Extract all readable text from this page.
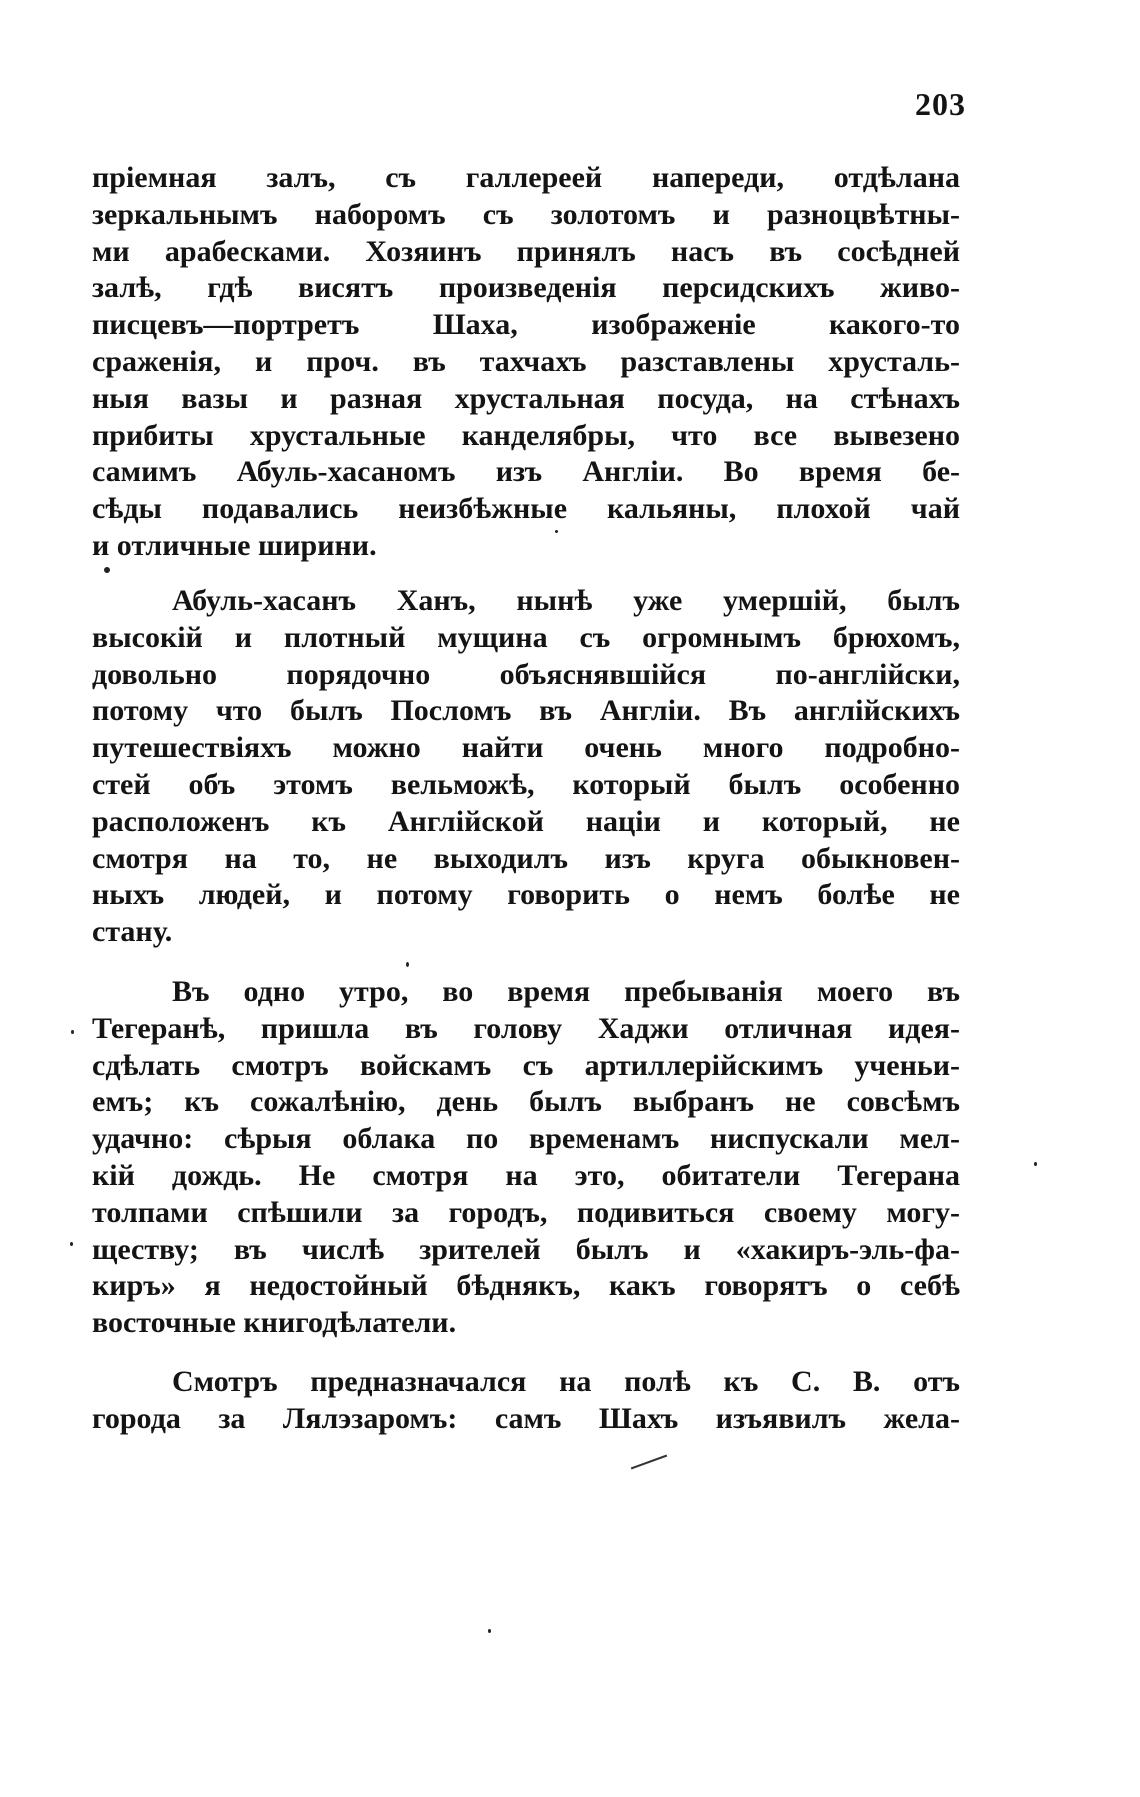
203
пріемная залъ, съ галлереей напереди, отдѣлана
зеркальнымъ наборомъ съ золотомъ и разноцвѣтны-
ми арабесками. Хозяинъ принялъ насъ въ сосѣдней
залѣ, гдѣ висятъ произведенія персидскихъ живо-
писцевъ—портретъ Шаха, изображеніе какого-то
сраженія, и проч. въ тахчахъ разставлены хрусталь-
ныя вазы и разная хрустальная посуда, на стѣнахъ
прибиты хрустальные канделябры, что все вывезено
самимъ Абуль-хасаномъ изъ Англіи. Во время бе-
сѣды подавались неизбѣжные кальяны, плохой чай
и отличные ширини.
Абуль-хасанъ Ханъ, нынѣ уже умершій, былъ
высокій и плотный мущина съ огромнымъ брюхомъ,
довольно порядочно объяснявшійся по-англійски,
потому что былъ Посломъ въ Англіи. Въ англійскихъ
путешествіяхъ можно найти очень много подробно-
стей объ этомъ вельможѣ, который былъ особенно
расположенъ къ Англійской націи и который, не
смотря на то, не выходилъ изъ круга обыкновен-
ныхъ людей, и потому говорить о немъ болѣе не
стану.
Въ одно утро, во время пребыванія моего въ
Тегеранѣ, пришла въ голову Хаджи отличная идея-
сдѣлать смотръ войскамъ съ артиллерійскимъ ученьи-
емъ; къ сожалѣнію, день былъ выбранъ не совсѣмъ
удачно: сѣрыя облака по временамъ ниспускали мел-
кій дождь. Не смотря на это, обитатели Тегерана
толпами спѣшили за городъ, подивиться своему могу-
ществу; въ числѣ зрителей былъ и «хакиръ-эль-фа-
киръ» я недостойный бѣднякъ, какъ говорятъ о себѣ
восточные книгодѣлатели.
Смотръ предназначался на полѣ къ С. В. отъ
города за Лялэзаромъ: самъ Шахъ изъявилъ жела-
